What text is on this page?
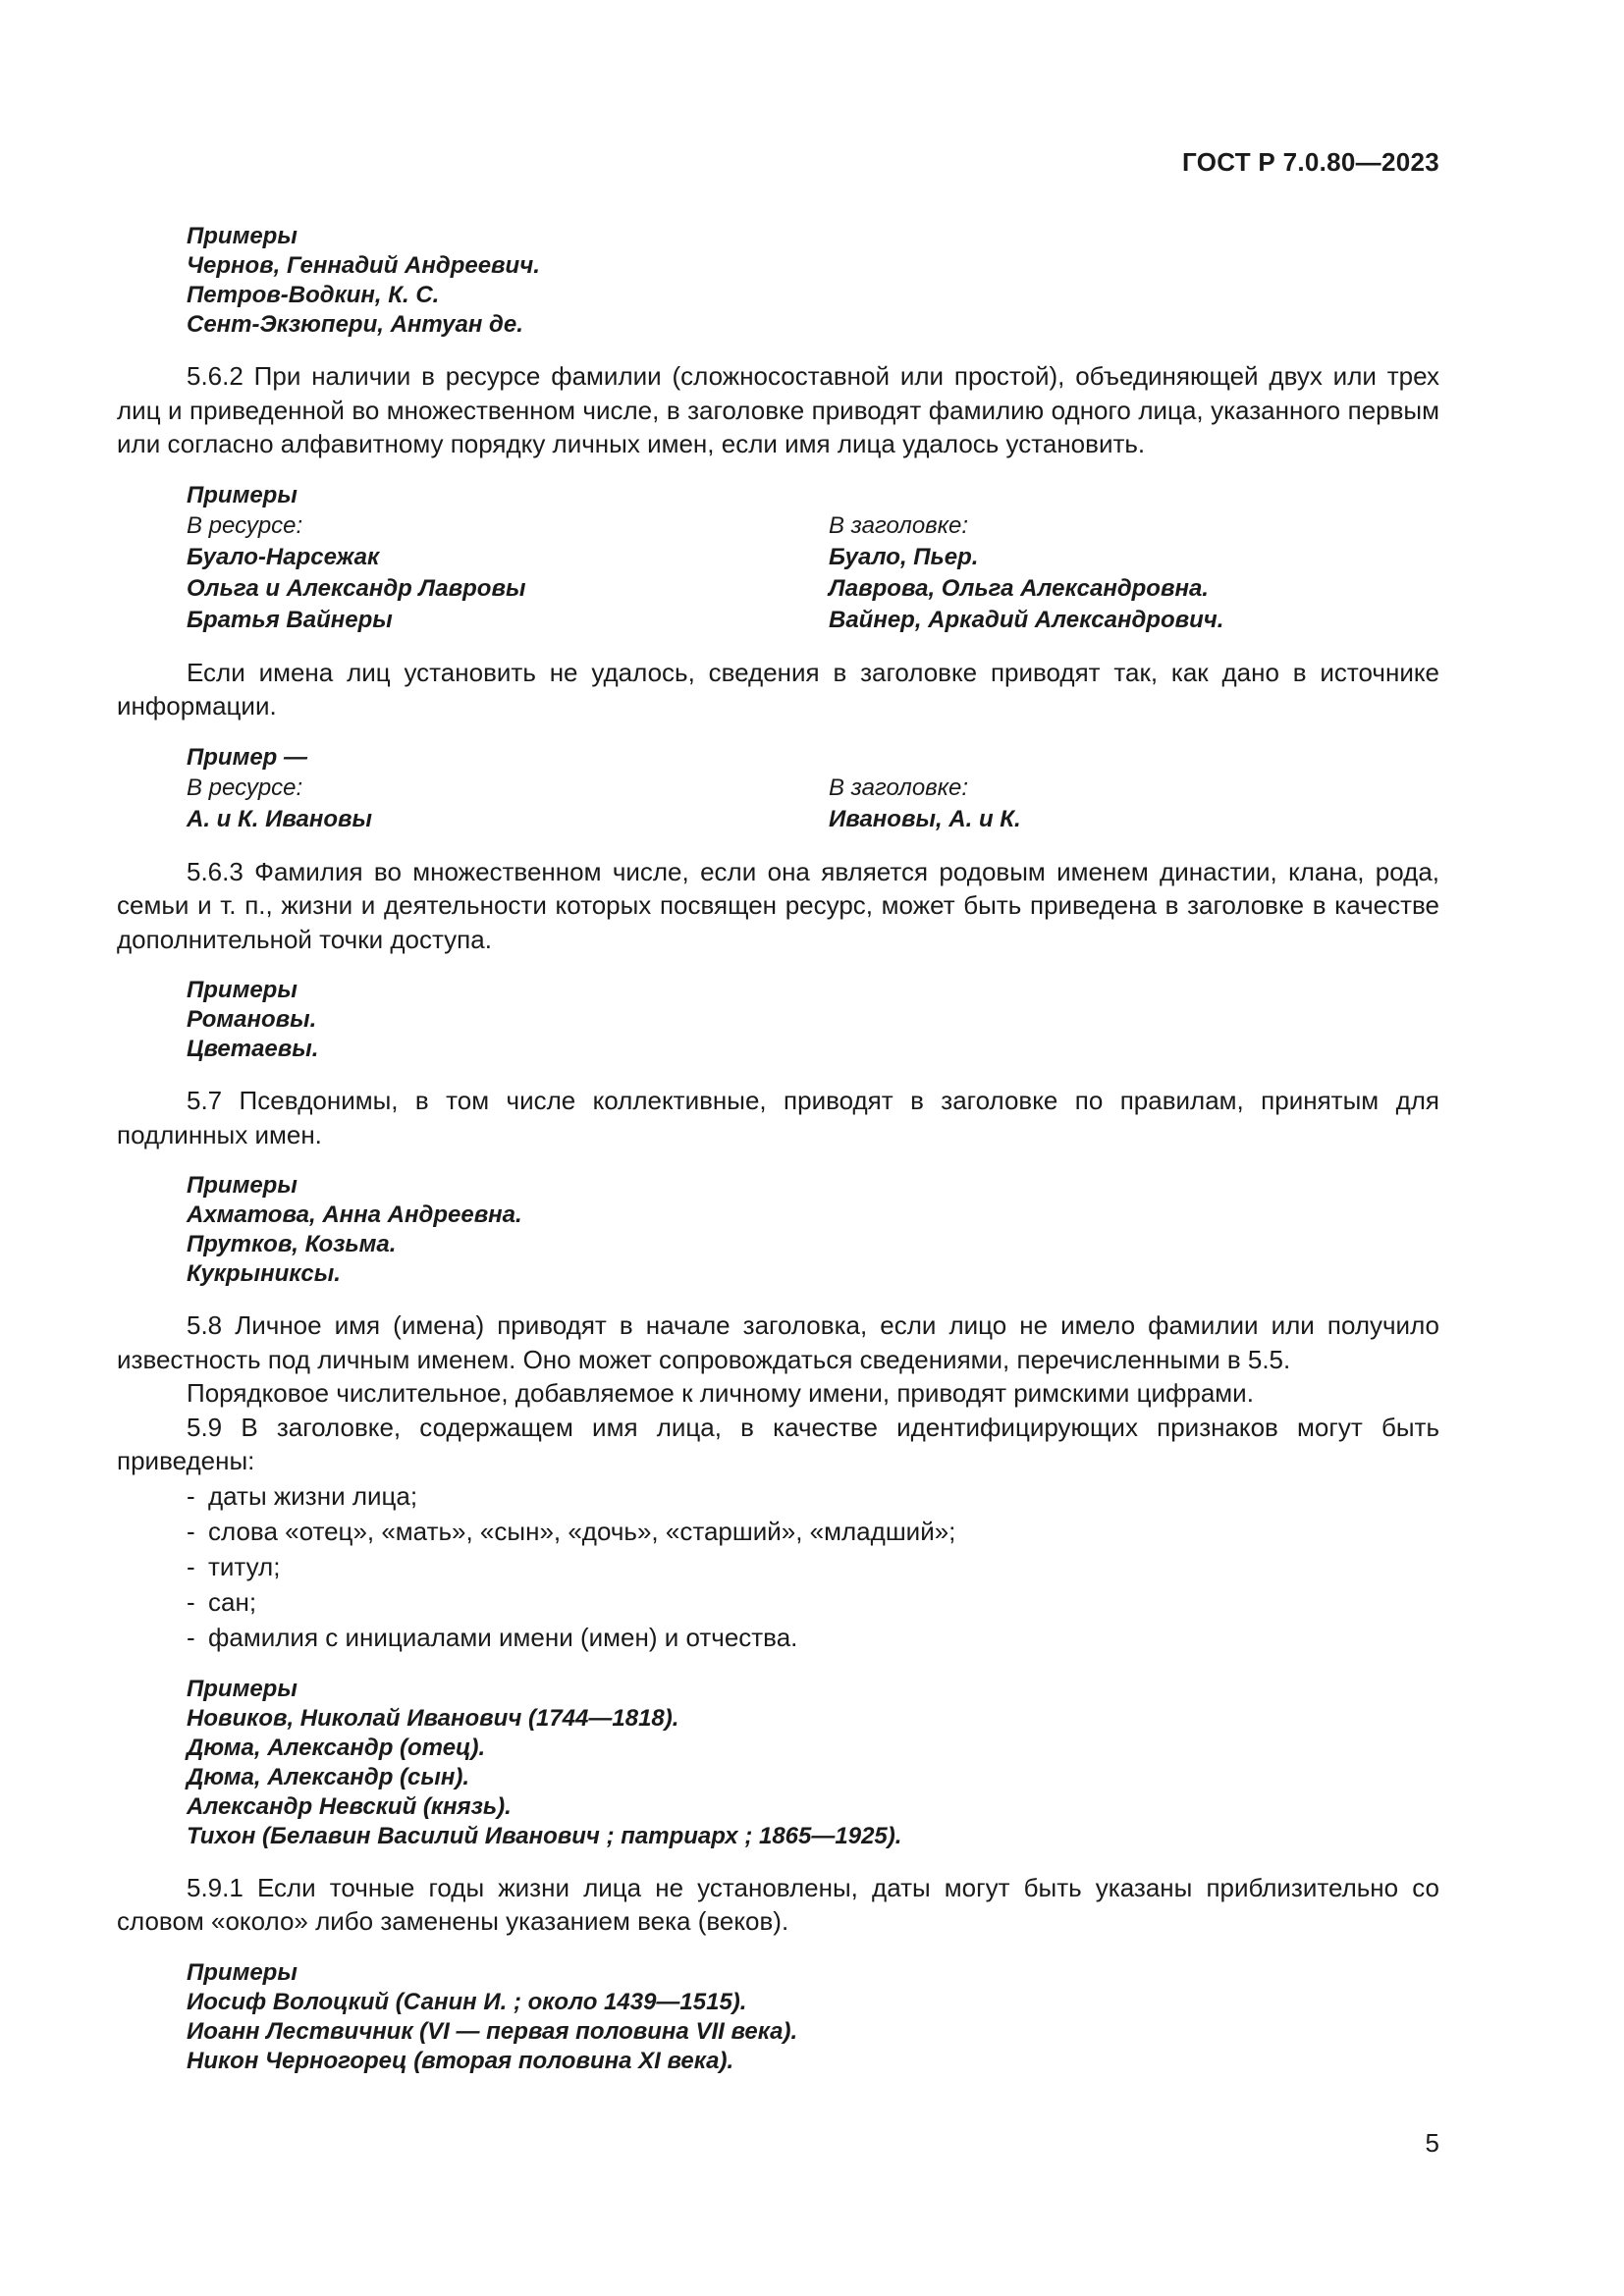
ГОСТ Р 7.0.80—2023
Примеры
Чернов, Геннадий Андреевич.
Петров-Водкин, К. С.
Сент-Экзюпери, Антуан де.

5.6.2 При наличии в ресурсе фамилии (сложносоставной или простой), объединяющей двух или трех лиц и приведенной во множественном числе, в заголовке приводят фамилию одного лица, указанного первым или согласно алфавитному порядку личных имен, если имя лица удалось установить.

Примеры
В ресурсе:	В заголовке:
Буало-Нарсежак	Буало, Пьер.
Ольга и Александр Лавровы	Лаврова, Ольга Александровна.
Братья Вайнеры	Вайнер, Аркадий Александрович.

Если имена лиц установить не удалось, сведения в заголовке приводят так, как дано в источнике информации.

Пример —
В ресурсе:	В заголовке:
А. и К. Ивановы	Ивановы, А. и К.

5.6.3 Фамилия во множественном числе, если она является родовым именем династии, клана, рода, семьи и т. п., жизни и деятельности которых посвящен ресурс, может быть приведена в заголовке в качестве дополнительной точки доступа.

Примеры
Романовы.
Цветаевы.

5.7 Псевдонимы, в том числе коллективные, приводят в заголовке по правилам, принятым для подлинных имен.

Примеры
Ахматова, Анна Андреевна.
Прутков, Козьма.
Кукрыниксы.

5.8 Личное имя (имена) приводят в начале заголовка, если лицо не имело фамилии или получило известность под личным именем. Оно может сопровождаться сведениями, перечисленными в 5.5.

Порядковое числительное, добавляемое к личному имени, приводят римскими цифрами.

5.9 В заголовке, содержащем имя лица, в качестве идентифицирующих признаков могут быть приведены:

- даты жизни лица;
- слова «отец», «мать», «сын», «дочь», «старший», «младший»;
- титул;
- сан;
- фамилия с инициалами имени (имен) и отчества.
Примеры
Новиков, Николай Иванович (1744—1818).
Дюма, Александр (отец).
Дюма, Александр (сын).
Александр Невский (князь).
Тихон (Белавин Василий Иванович ; патриарх ; 1865—1925).

5.9.1 Если точные годы жизни лица не установлены, даты могут быть указаны приблизительно со словом «около» либо заменены указанием века (веков).

Примеры
Иосиф Волоцкий (Санин И. ; около 1439—1515).
Иоанн Лествичник (VI — первая половина VII века).
Никон Черногорец (вторая половина XI века).
5
